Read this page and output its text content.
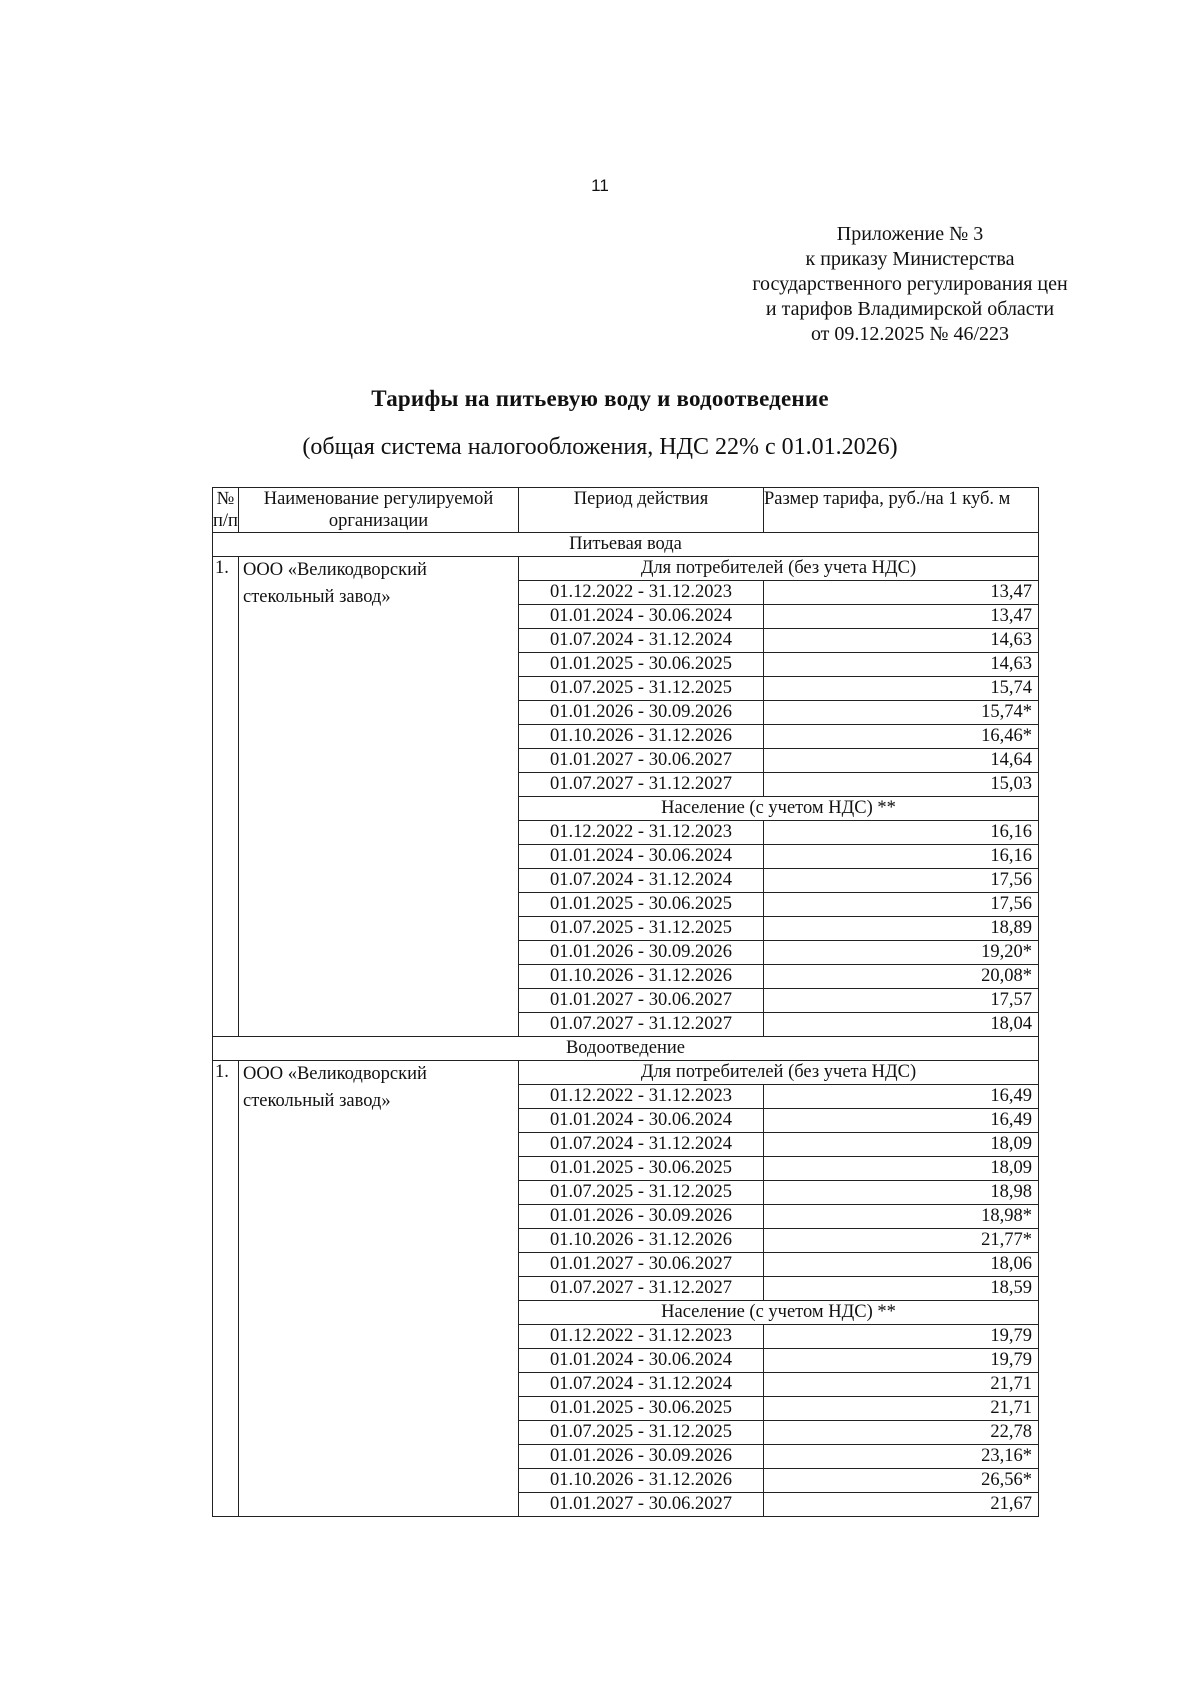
11
Приложение № 3
к приказу Министерства
государственного регулирования цен
и тарифов Владимирской области
от 09.12.2025 № 46/223
Тарифы на питьевую воду и водоотведение
(общая система налогообложения, НДС 22% с 01.01.2026)
№ п/п	Наименование регулируемой организации	Период действия	Размер тарифа, руб./на 1 куб. м
Питьевая вода			
1.	ООО «Великодворский стекольный завод»	Для потребителей (без учета НДС)	
		01.12.2022 - 31.12.2023	13,47
		01.01.2024 - 30.06.2024	13,47
		01.07.2024 - 31.12.2024	14,63
		01.01.2025 - 30.06.2025	14,63
		01.07.2025 - 31.12.2025	15,74
		01.01.2026 - 30.09.2026	15,74*
		01.10.2026 - 31.12.2026	16,46*
		01.01.2027 - 30.06.2027	14,64
		01.07.2027 - 31.12.2027	15,03
		Население (с учетом НДС) **	
		01.12.2022 - 31.12.2023	16,16
		01.01.2024 - 30.06.2024	16,16
		01.07.2024 - 31.12.2024	17,56
		01.01.2025 - 30.06.2025	17,56
		01.07.2025 - 31.12.2025	18,89
		01.01.2026 - 30.09.2026	19,20*
		01.10.2026 - 31.12.2026	20,08*
		01.01.2027 - 30.06.2027	17,57
		01.07.2027 - 31.12.2027	18,04
Водоотведение			
1.	ООО «Великодворский стекольный завод»	Для потребителей (без учета НДС)	
		01.12.2022 - 31.12.2023	16,49
		01.01.2024 - 30.06.2024	16,49
		01.07.2024 - 31.12.2024	18,09
		01.01.2025 - 30.06.2025	18,09
		01.07.2025 - 31.12.2025	18,98
		01.01.2026 - 30.09.2026	18,98*
		01.10.2026 - 31.12.2026	21,77*
		01.01.2027 - 30.06.2027	18,06
		01.07.2027 - 31.12.2027	18,59
		Население (с учетом НДС) **	
		01.12.2022 - 31.12.2023	19,79
		01.01.2024 - 30.06.2024	19,79
		01.07.2024 - 31.12.2024	21,71
		01.01.2025 - 30.06.2025	21,71
		01.07.2025 - 31.12.2025	22,78
		01.01.2026 - 30.09.2026	23,16*
		01.10.2026 - 31.12.2026	26,56*
		01.01.2027 - 30.06.2027	21,67
